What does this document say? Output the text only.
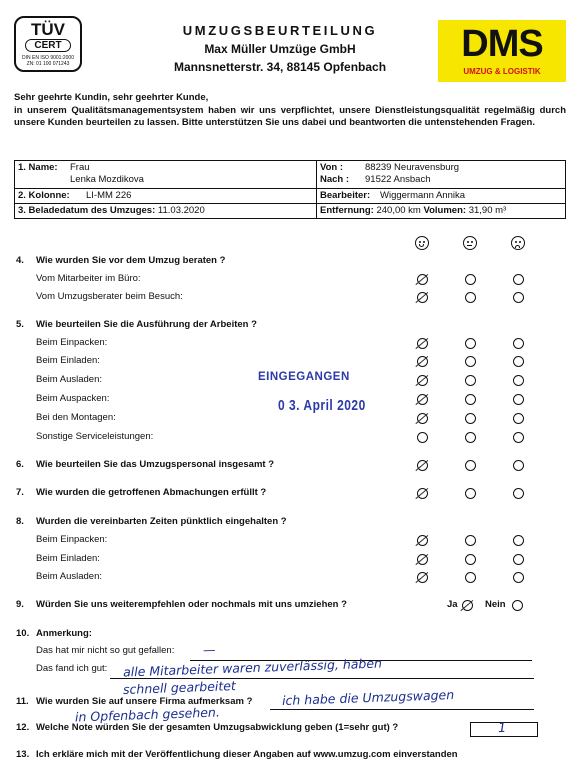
TÜV
CERT
DIN EN ISO 9001:2000
ZN: 01 100 071243
UMZUGSBEURTEILUNG
Max Müller Umzüge GmbH
Mannsnetterstr. 34, 88145 Opfenbach
DMS
UMZUG & LOGISTIK
Sehr geehrte Kundin, sehr geehrter Kunde,
in unserem Qualitätsmanagementsystem haben wir uns verpflichtet, unsere Dienstleistungsqualität regelmäßig durch unsere Kunden beurteilen zu lassen. Bitte unterstützen Sie uns dabei und beantworten die untenstehenden Fragen.
1. Name: Frau
Lenka Mozdikova	Von : 88239 Neuravensburg
Nach : 91522 Ansbach
2. Kolonne: LI-MM 226	Bearbeiter: Wiggermann Annika
3. Beladedatum des Umzuges: 11.03.2020	Entfernung: 240,00 km Volumen: 31,90 m³
4. Wie wurden Sie vor dem Umzug beraten ?
Vom Mitarbeiter im Büro:
Vom Umzugsberater beim Besuch:
5. Wie beurteilen Sie die Ausführung der Arbeiten ?
Beim Einpacken:
Beim Einladen:
Beim Ausladen:
Beim Auspacken:
Bei den Montagen:
Sonstige Serviceleistungen:
6. Wie beurteilen Sie das Umzugspersonal insgesamt ?
7. Wie wurden die getroffenen Abmachungen erfüllt ?
8. Wurden die vereinbarten Zeiten pünktlich eingehalten ?
Beim Einpacken:
Beim Einladen:
Beim Ausladen:
9. Würden Sie uns weiterempfehlen oder nochmals mit uns umziehen ?	Ja	Nein
10. Anmerkung:
Das hat mir nicht so gut gefallen:
Das fand ich gut:
11. Wie wurden Sie auf unsere Firma aufmerksam ?
12. Welche Note würden Sie der gesamten Umzugsabwicklung geben (1=sehr gut) ?
13. Ich erkläre mich mit der Veröffentlichung dieser Angaben auf www.umzug.com einverstanden
EINGEGANGEN
0 3. April 2020
—
alle Mitarbeiter waren zuverlässig, haben
schnell gearbeitet	ich habe die Umzugswagen
in Opfenbach gesehen.
1
